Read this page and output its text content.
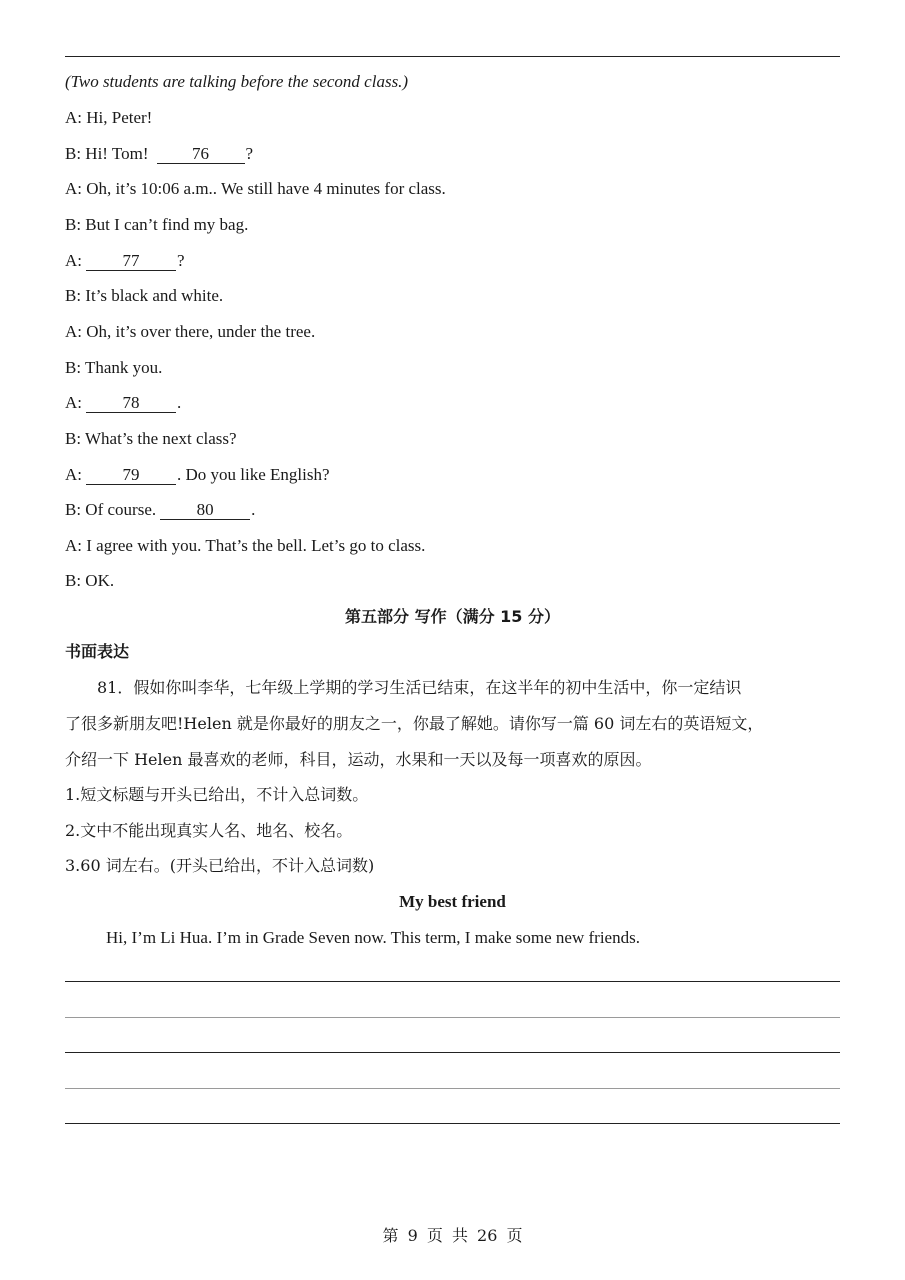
(Two students are talking before the second class.)
A: Hi, Peter!
B: Hi! Tom!	76 ?
A: Oh, it’s 10:06 a.m.. We still have 4 minutes for class.
B: But I can’t find my bag.
A: 77 ?
B: It’s black and white.
A: Oh, it’s over there, under the tree.
B: Thank you.
A: 78 .
B: What’s the next class?
A: 79 . Do you like English?
B: Of course. 80 .
A: I agree with you. That’s the bell. Let’s go to class.
B: OK.
第五部分 写作（满分 15 分）
书面表达
　　81．假如你叫李华，七年级上学期的学习生活已结束，在这半年的初中生活中，你一定结识
了很多新朋友吧!Helen 就是你最好的朋友之一，你最了解她。请你写一篇 60 词左右的英语短文，
介绍一下 Helen 最喜欢的老师，科目，运动，水果和一天以及每一项喜欢的原因。
1.短文标题与开头已给出，不计入总词数。
2.文中不能出现真实人名、地名、校名。
3.60 词左右。(开头已给出，不计入总词数)
My best friend
Hi, I’m Li Hua. I’m in Grade Seven now. This term, I make some new friends.
第 9 页 共 26 页
